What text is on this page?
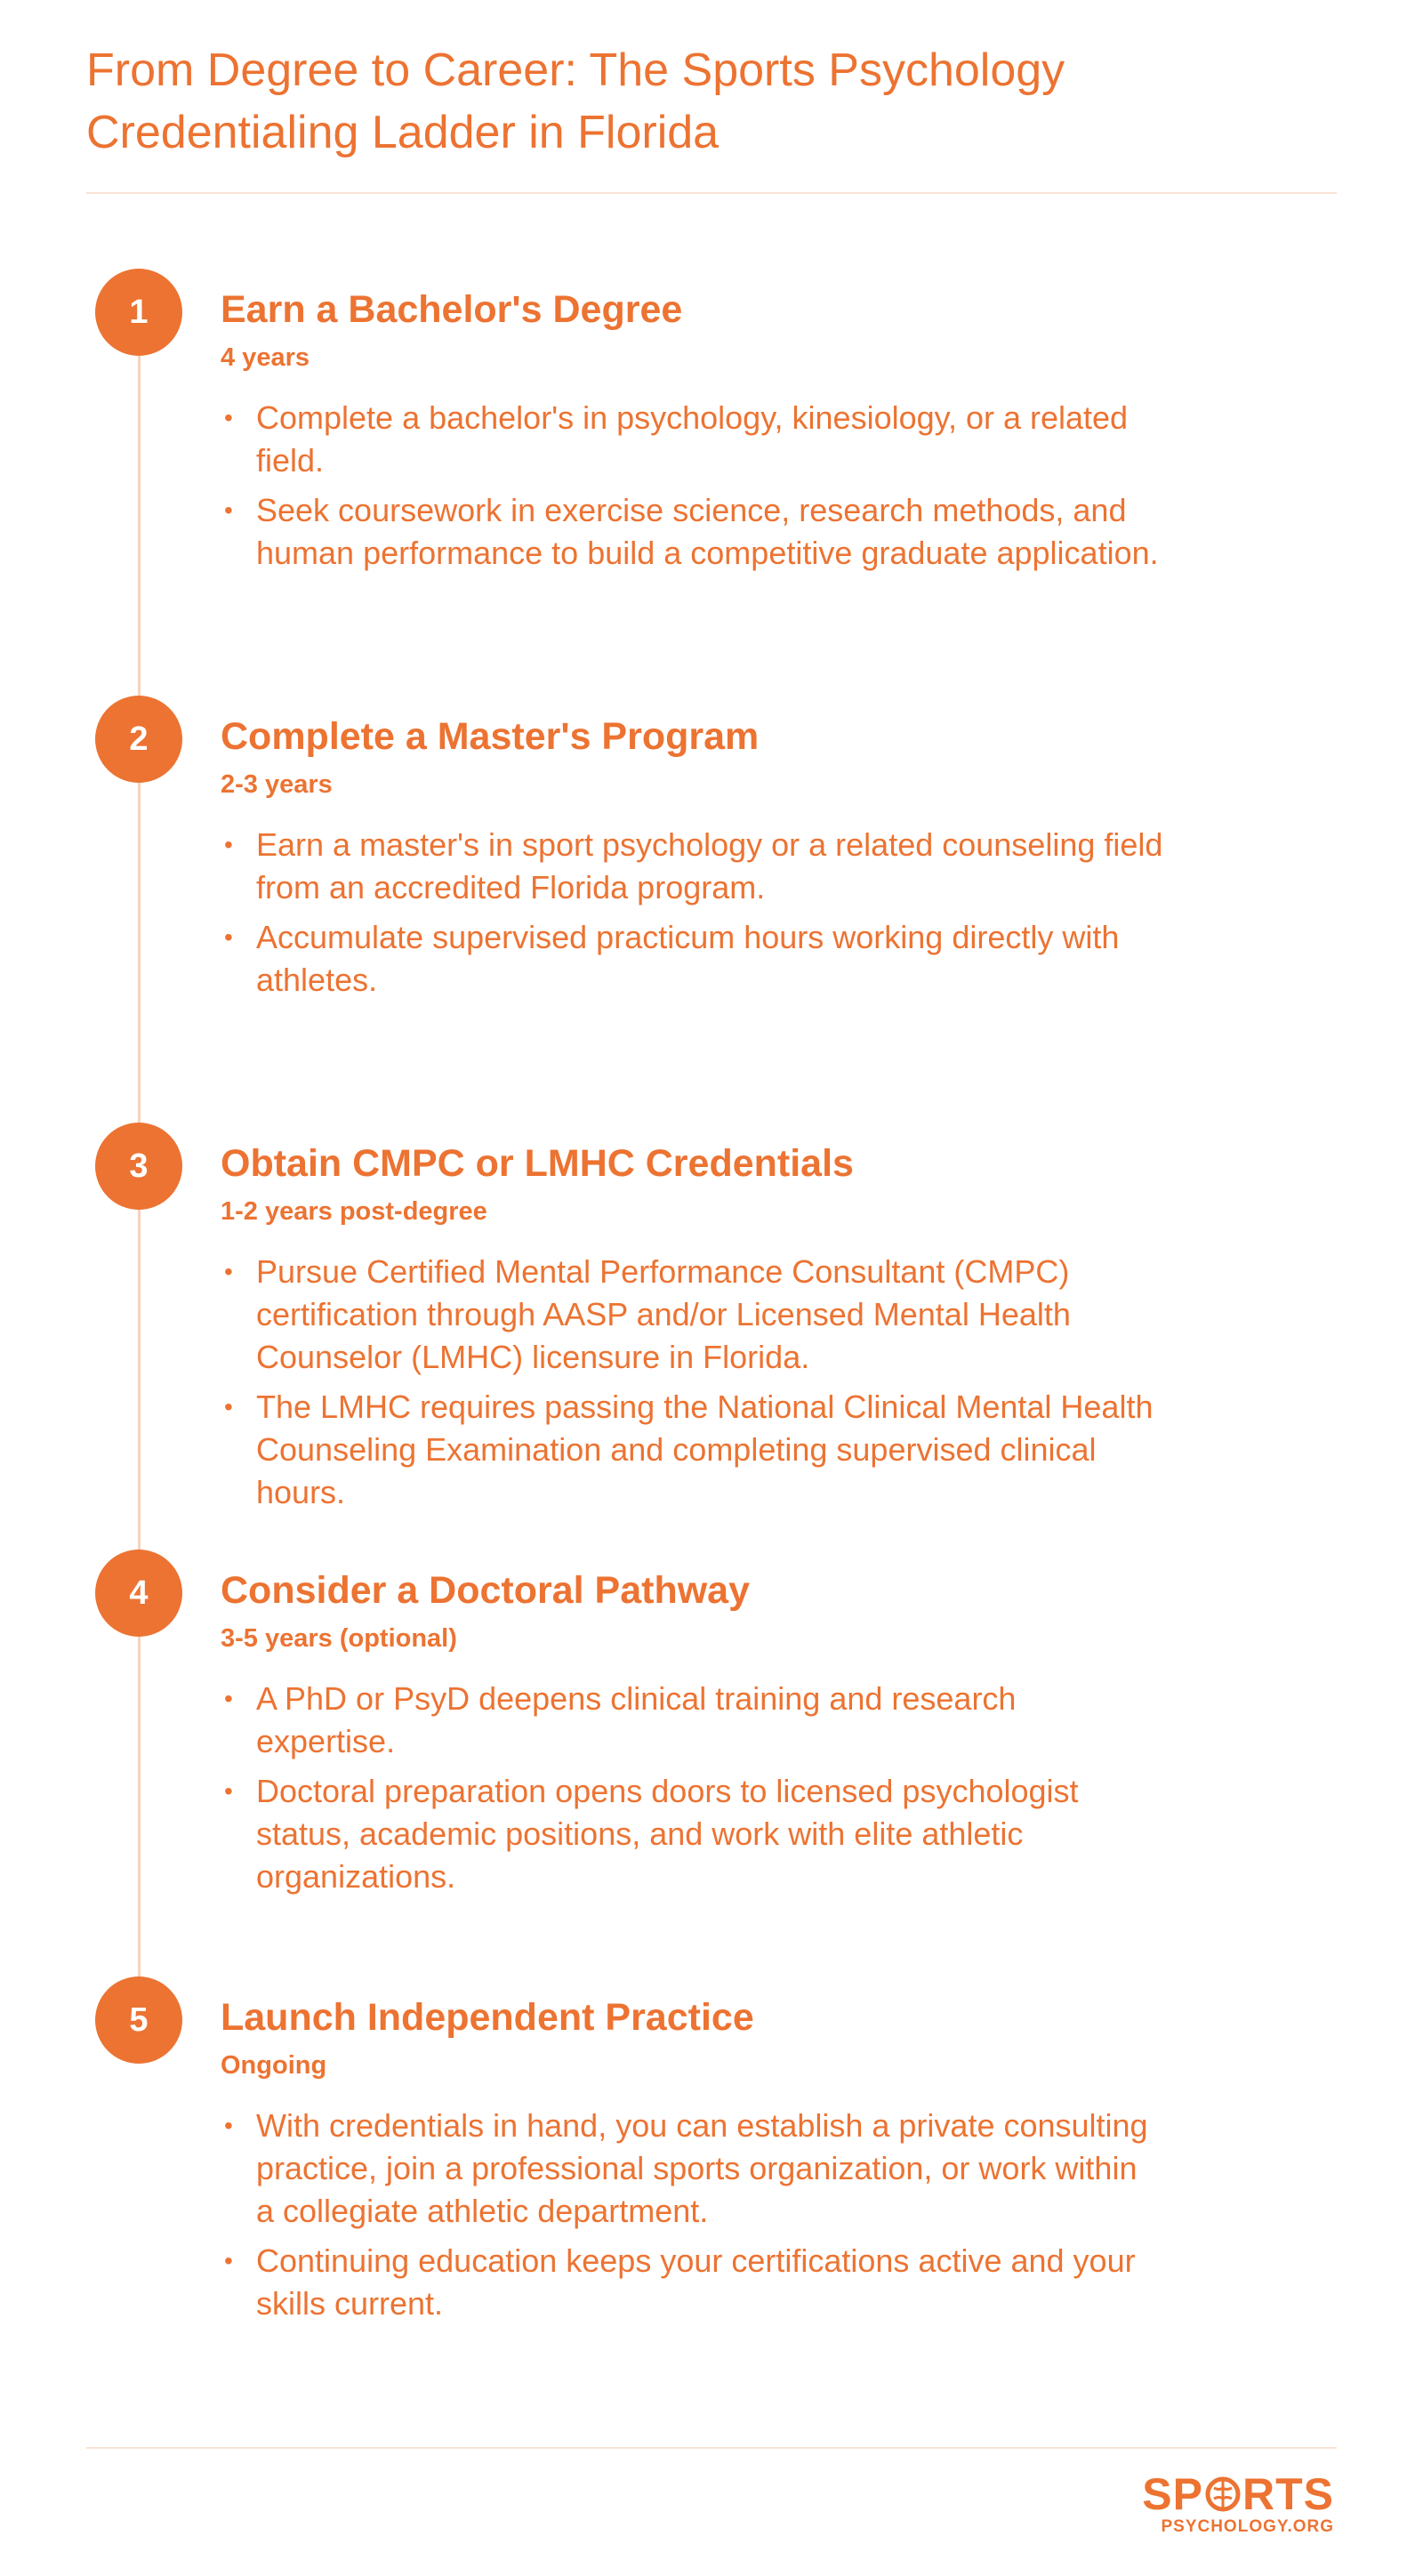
From Degree to Career: The Sports Psychology Credentialing Ladder in Florida
1	Earn a Bachelor's Degree
4 years
• Complete a bachelor's in psychology, kinesiology, or a related field.
• Seek coursework in exercise science, research methods, and human performance to build a competitive graduate application.
2	Complete a Master's Program
2-3 years
• Earn a master's in sport psychology or a related counseling field from an accredited Florida program.
• Accumulate supervised practicum hours working directly with athletes.
3	Obtain CMPC or LMHC Credentials
1-2 years post-degree
• Pursue Certified Mental Performance Consultant (CMPC) certification through AASP and/or Licensed Mental Health Counselor (LMHC) licensure in Florida.
• The LMHC requires passing the National Clinical Mental Health Counseling Examination and completing supervised clinical hours.
4	Consider a Doctoral Pathway
3-5 years (optional)
• A PhD or PsyD deepens clinical training and research expertise.
• Doctoral preparation opens doors to licensed psychologist status, academic positions, and work with elite athletic organizations.
5	Launch Independent Practice
Ongoing
• With credentials in hand, you can establish a private consulting practice, join a professional sports organization, or work within a collegiate athletic department.
• Continuing education keeps your certifications active and your skills current.
SP RTS
PSYCHOLOGY.ORG
